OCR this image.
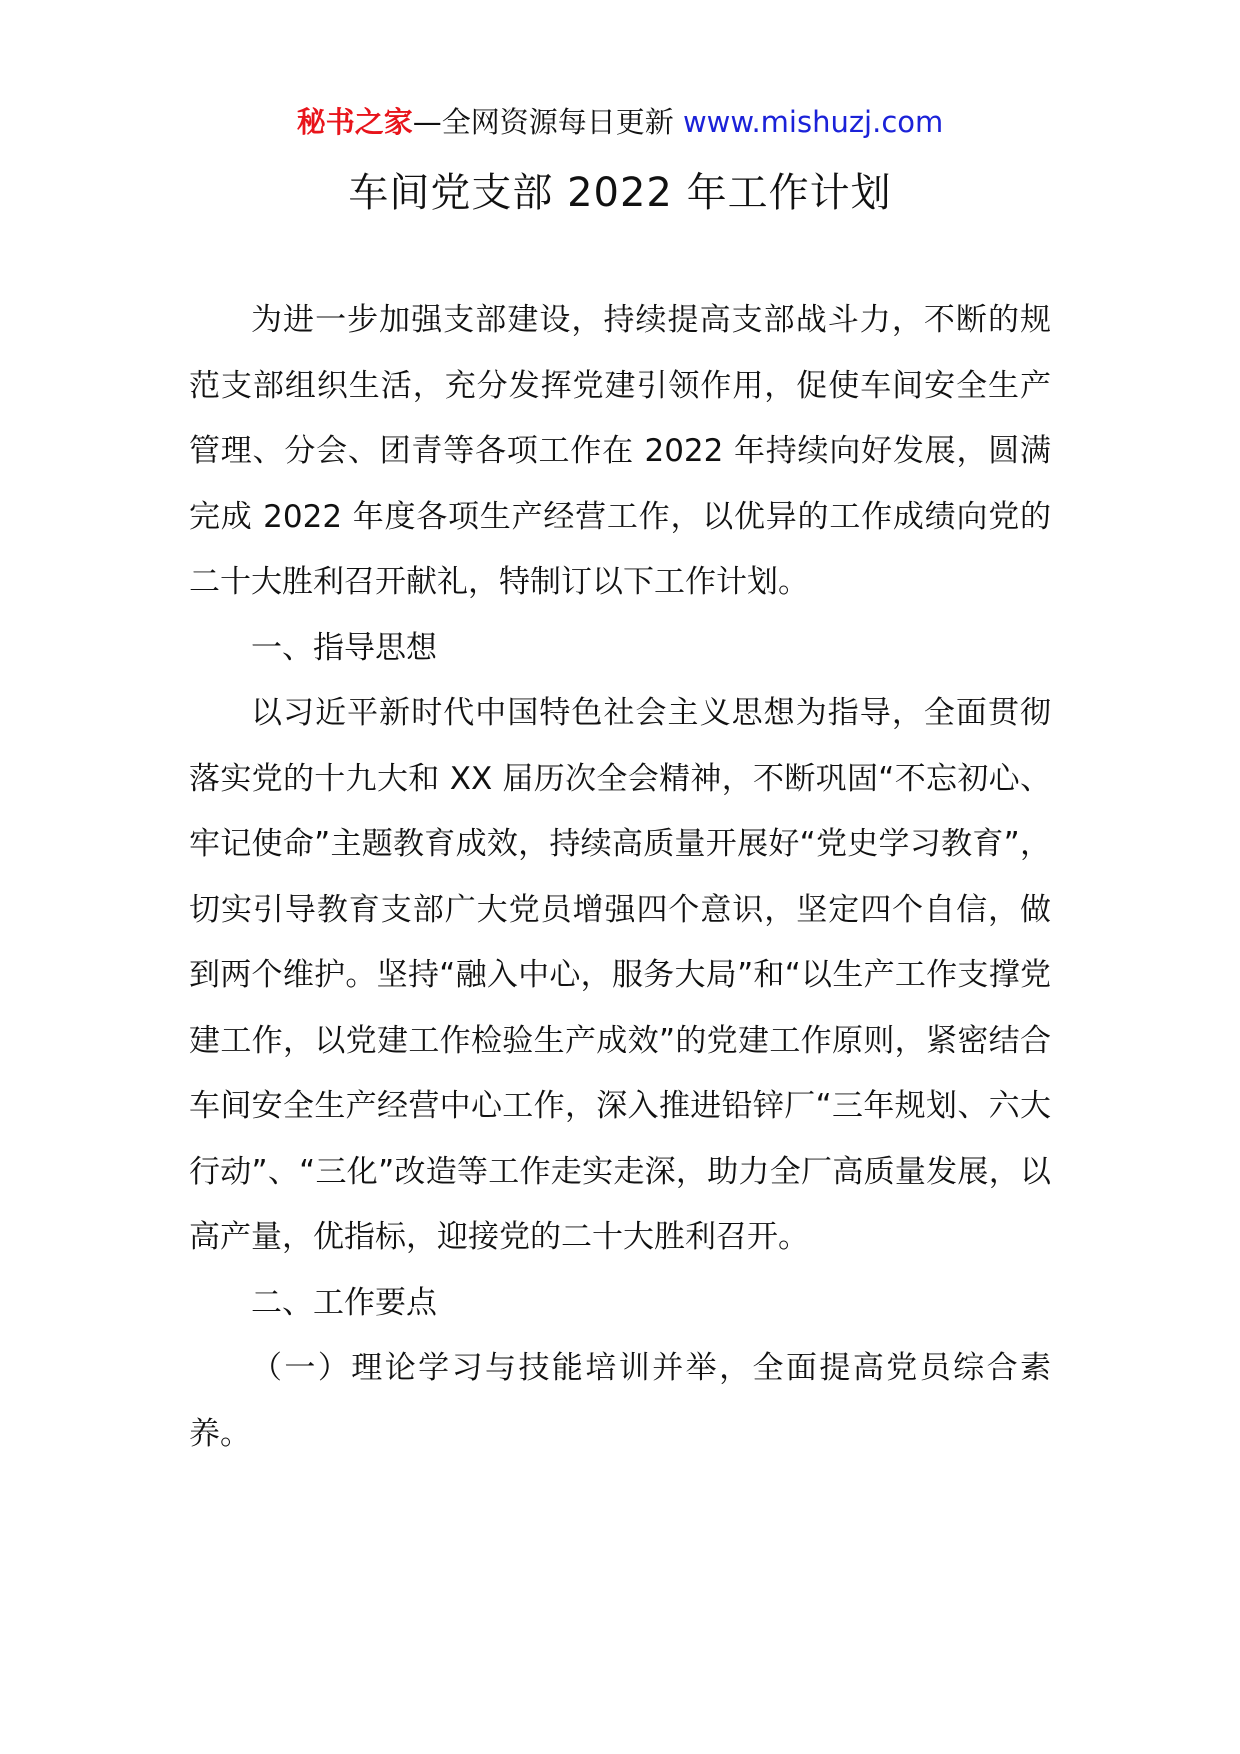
秘书之家—全网资源每日更新 www.mishuzj.com
车间党支部 2022 年工作计划

为进一步加强支部建设，持续提高支部战斗力，不断的规范支部组织生活，充分发挥党建引领作用，促使车间安全生产管理、分会、团青等各项工作在 2022 年持续向好发展，圆满完成 2022 年度各项生产经营工作，以优异的工作成绩向党的二十大胜利召开献礼，特制订以下工作计划。

一、指导思想

以习近平新时代中国特色社会主义思想为指导，全面贯彻落实党的十九大和 XX 届历次全会精神，不断巩固“不忘初心、牢记使命”主题教育成效，持续高质量开展好“党史学习教育”，切实引导教育支部广大党员增强四个意识，坚定四个自信，做到两个维护。坚持“融入中心，服务大局”和“以生产工作支撑党建工作，以党建工作检验生产成效”的党建工作原则，紧密结合车间安全生产经营中心工作，深入推进铅锌厂“三年规划、六大行动”、“三化”改造等工作走实走深，助力全厂高质量发展，以高产量，优指标，迎接党的二十大胜利召开。

二、工作要点

（一）理论学习与技能培训并举，全面提高党员综合素养。
